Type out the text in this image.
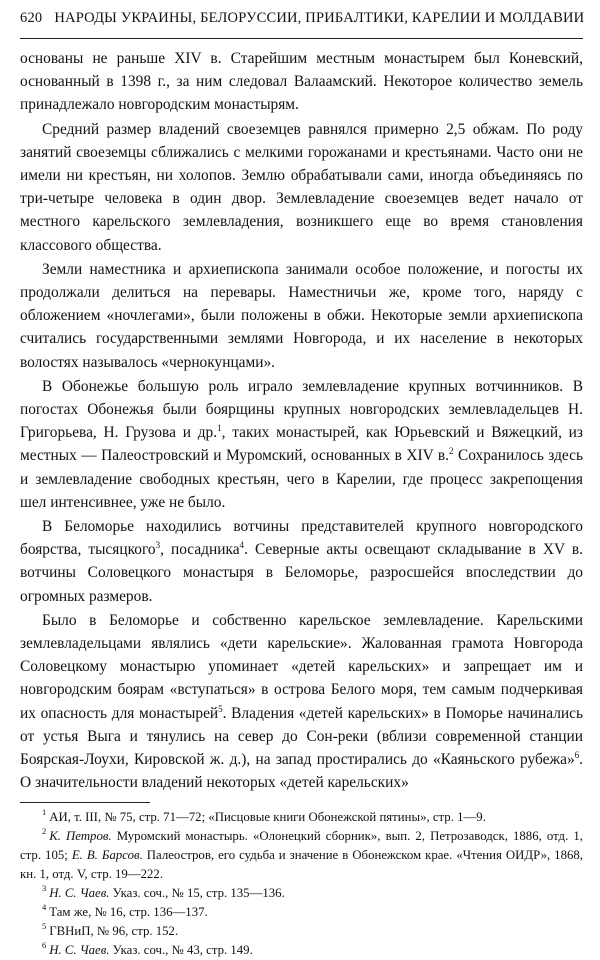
620 НАРОДЫ УКРАИНЫ, БЕЛОРУССИИ, ПРИБАЛТИКИ, КАРЕЛИИ И МОЛДАВИИ

основаны не раньше XIV в. Старейшим местным монастырем был Коневский, основанный в 1398 г., за ним следовал Валаамский. Некоторое количество земель принадлежало новгородским монастырям.

Средний размер владений своеземцев равнялся примерно 2,5 обжам. По роду занятий своеземцы сближались с мелкими горожанами и крестьянами. Часто они не имели ни крестьян, ни холопов. Землю обрабатывали сами, иногда объединяясь по три-четыре человека в один двор. Землевладение своеземцев ведет начало от местного карельского землевладения, возникшего еще во время становления классового общества.

Земли наместника и архиепископа занимали особое положение, и погосты их продолжали делиться на перевары. Наместничьи же, кроме того, наряду с обложением «ночлегами», были положены в обжи. Некоторые земли архиепископа считались государственными землями Новгорода, и их население в некоторых волостях называлось «чернокунцами».

В Обонежье большую роль играло землевладение крупных вотчинников. В погостах Обонежья были боярщины крупных новгородских землевладельцев Н. Григорьева, Н. Грузова и др.$^1$, таких монастырей, как Юрьевский и Вяжецкий, из местных — Палеостровский и Муромский, основанных в XIV в.$^2$ Сохранилось здесь и землевладение свободных крестьян, чего в Карелии, где процесс закрепощения шел интенсивнее, уже не было.

В Беломорье находились вотчины представителей крупного новгородского боярства, тысяцкого$^3$, посадника$^4$. Северные акты освещают складывание в XV в. вотчины Соловецкого монастыря в Беломорье, разросшейся впоследствии до огромных размеров.

Было в Беломорье и собственно карельское землевладение. Карельскими землевладельцами являлись «дети карельские». Жалованная грамота Новгорода Соловецкому монастырю упоминает «детей карельских» и запрещает им и новгородским боярам «вступаться» в острова Белого моря, тем самым подчеркивая их опасность для монастырей$^5$. Владения «детей карельских» в Поморье начинались от устья Выга и тянулись на север до Сон-реки (вблизи современной станции Боярская-Лоухи, Кировской ж. д.), на запад простирались до «Каяньского рубежа»$^6$. О значительности владений некоторых «детей карельских»

$^1$ АИ, т. III, № 75, стр. 71—72; «Писцовые книги Обонежской пятины», стр. 1—9.

$^2$ К. Петров. Муромский монастырь. «Олонецкий сборник», вып. 2, Петрозаводск, 1886, отд. 1, стр. 105; Е. В. Барсов. Палеостров, его судьба и значение в Обонежском крае. «Чтения ОИДР», 1868, кн. 1, отд. V, стр. 19—222.

$^3$ Н. С. Чаев. Указ. соч., № 15, стр. 135—136.

$^4$ Там же, № 16, стр. 136—137.

$^5$ ГВНиП, № 96, стр. 152.

$^6$ Н. С. Чаев. Указ. соч., № 43, стр. 149.
